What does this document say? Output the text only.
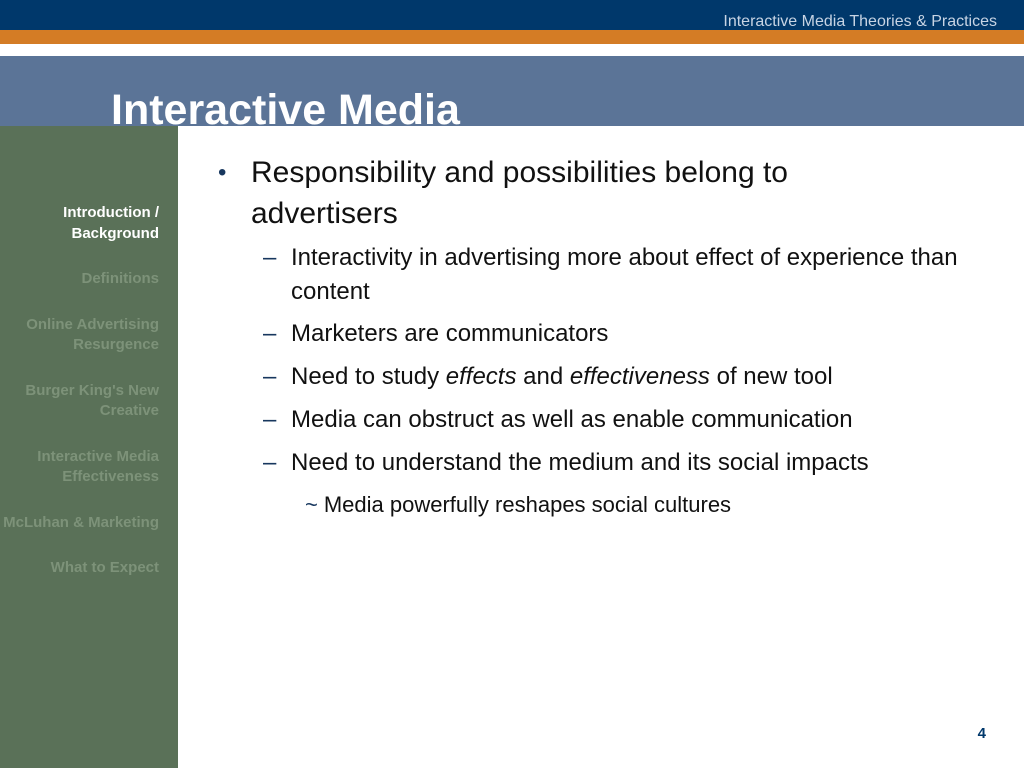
Interactive Media Theories & Practices
Introduction / Background
Definitions
Online Advertising Resurgence
Burger King's New Creative
Interactive Media Effectiveness
McLuhan & Marketing
What to Expect
Interactive Media
• Responsibility and possibilities belong to advertisers
– Interactivity in advertising more about effect of experience than content
– Marketers are communicators
– Need to study effects and effectiveness of new tool
– Media can obstruct as well as enable communication
– Need to understand the medium and its social impacts
~ Media powerfully reshapes social cultures
4
